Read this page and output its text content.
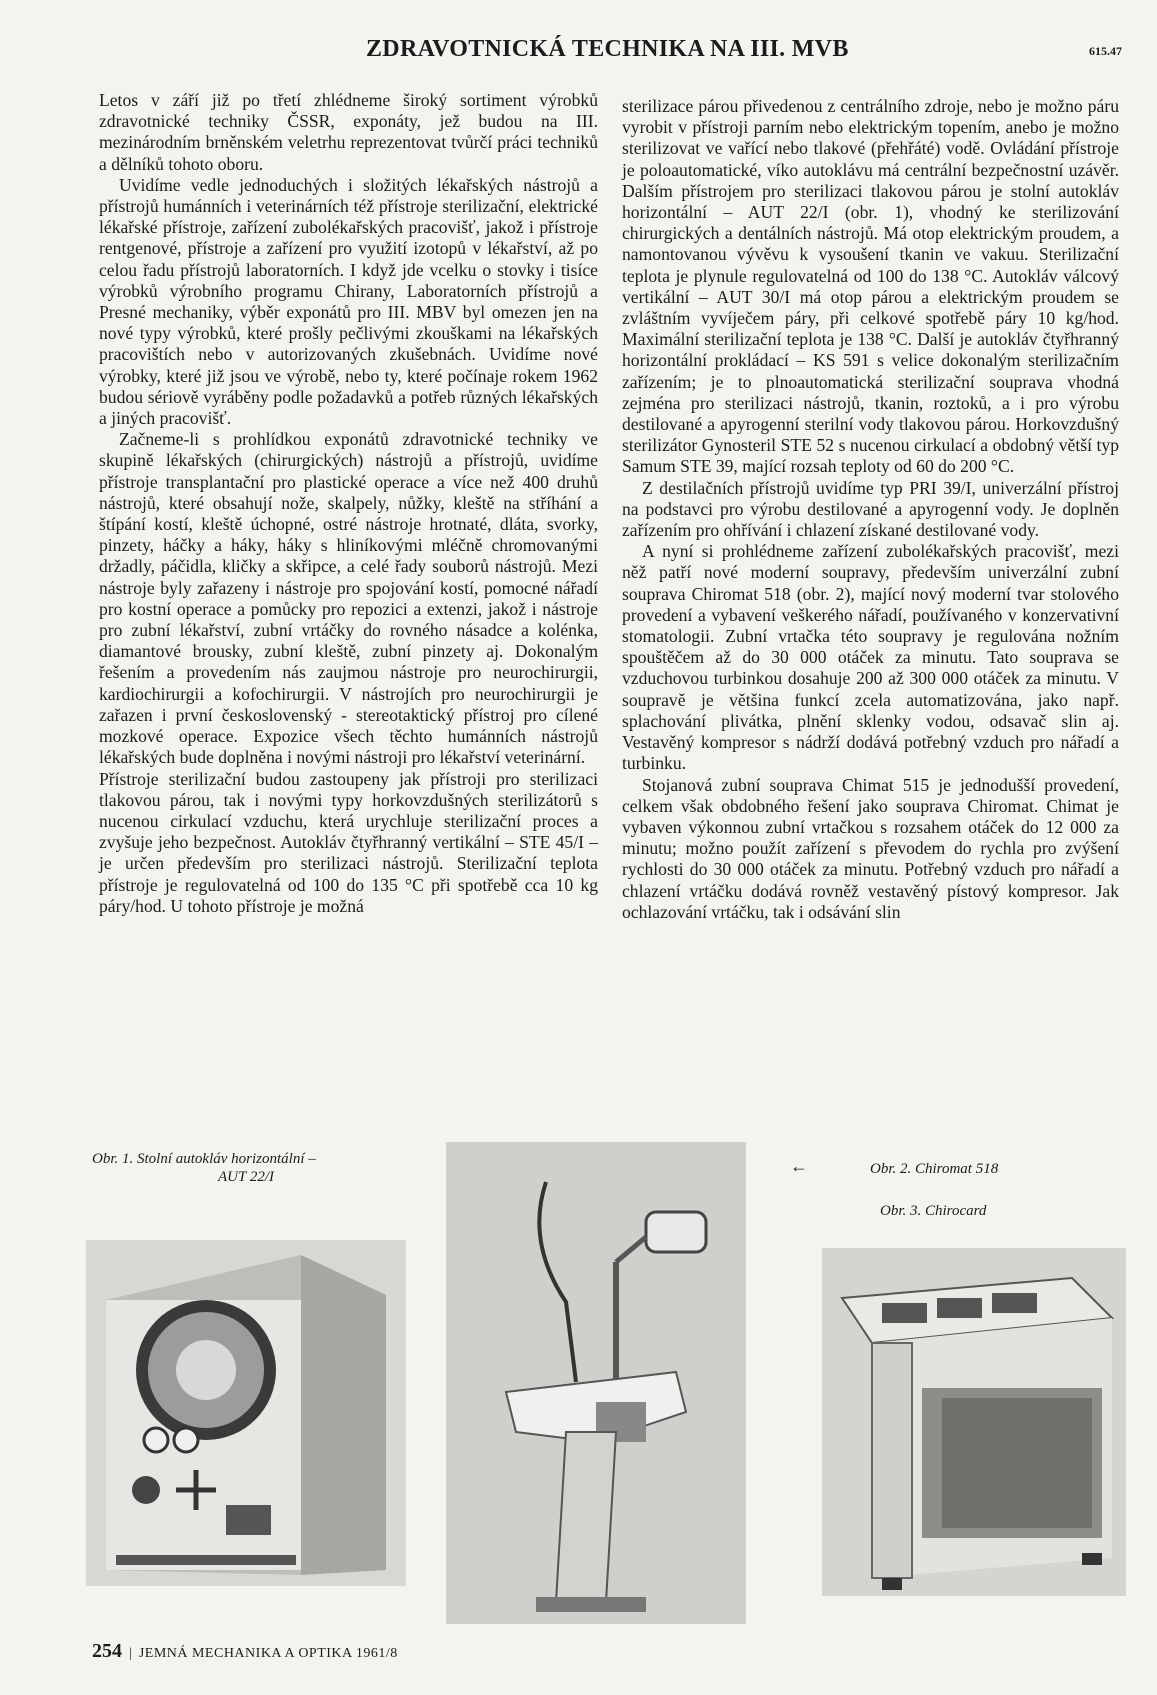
ZDRAVOTNICKÁ TECHNIKA NA III. MVB	615.47

Letos v září již po třetí zhlédneme široký sortiment výrobků zdravotnické techniky ČSSR, exponáty, jež budou na III. mezinárodním brněnském veletrhu reprezentovat tvůrčí práci techniků a dělníků tohoto oboru.

Uvidíme vedle jednoduchých i složitých lékařských nástrojů a přístrojů humánních i veterinárních též přístroje sterilizační, elektrické lékařské přístroje, zařízení zubolékařských pracovišť, jakož i přístroje rentgenové, přístroje a zařízení pro využití izotopů v lékařství, až po celou řadu přístrojů laboratorních. I když jde vcelku o stovky i tisíce výrobků výrobního programu Chirany, Laboratorních přístrojů a Presné mechaniky, výběr exponátů pro III. MBV byl omezen jen na nové typy výrobků, které prošly pečlivými zkouškami na lékařských pracovištích nebo v autorizovaných zkušebnách. Uvidíme nové výrobky, které již jsou ve výrobě, nebo ty, které počínaje rokem 1962 budou sériově vyráběny podle požadavků a potřeb různých lékařských a jiných pracovišť.

Začneme-li s prohlídkou exponátů zdravotnické techniky ve skupině lékařských (chirurgických) nástrojů a přístrojů, uvidíme přístroje transplantační pro plastické operace a více než 400 druhů nástrojů, které obsahují nože, skalpely, nůžky, kleště na stříhání a štípání kostí, kleště úchopné, ostré nástroje hrotnaté, dláta, svorky, pinzety, háčky a háky, háky s hliníkovými mléčně chromovanými držadly, páčidla, kličky a skřipce, a celé řady souborů nástrojů. Mezi nástroje byly zařazeny i nástroje pro spojování kostí, pomocné nářadí pro kostní operace a pomůcky pro repozici a extenzi, jakož i nástroje pro zubní lékařství, zubní vrtáčky do rovného násadce a kolénka, diamantové brousky, zubní kleště, zubní pinzety aj. Dokonalým řešením a provedením nás zaujmou nástroje pro neurochirurgii, kardiochirurgii a kofochirurgii. V nástrojích pro neurochirurgii je zařazen i první československý - stereotaktický přístroj pro cílené mozkové operace. Expozice všech těchto humánních nástrojů lékařských bude doplněna i novými nástroji pro lékařství veterinární.

Přístroje sterilizační budou zastoupeny jak přístroji pro sterilizaci tlakovou párou, tak i novými typy horkovzdušných sterilizátorů s nucenou cirkulací vzduchu, která urychluje sterilizační proces a zvyšuje jeho bezpečnost. Autokláv čtyřhranný vertikální – STE 45/I – je určen především pro sterilizaci nástrojů. Sterilizační teplota přístroje je regulovatelná od 100 do 135 °C při spotřebě cca 10 kg páry/hod. U tohoto přístroje je možná

sterilizace párou přivedenou z centrálního zdroje, nebo je možno páru vyrobit v přístroji parním nebo elektrickým topením, anebo je možno sterilizovat ve vařící nebo tlakové (přehřáté) vodě. Ovládání přístroje je poloautomatické, víko autoklávu má centrální bezpečnostní uzávěr. Dalším přístrojem pro sterilizaci tlakovou párou je stolní autokláv horizontální – AUT 22/I (obr. 1), vhodný ke sterilizování chirurgických a dentálních nástrojů. Má otop elektrickým proudem, a namontovanou vývěvu k vysoušení tkanin ve vakuu. Sterilizační teplota je plynule regulovatelná od 100 do 138 °C. Autokláv válcový vertikální – AUT 30/I má otop párou a elektrickým proudem se zvláštním vyvíječem páry, při celkové spotřebě páry 10 kg/hod. Maximální sterilizační teplota je 138 °C. Další je autokláv čtyřhranný horizontální prokládací – KS 591 s velice dokonalým sterilizačním zařízením; je to plnoautomatická sterilizační souprava vhodná zejména pro sterilizaci nástrojů, tkanin, roztoků, a i pro výrobu destilované a apyrogenní sterilní vody tlakovou párou. Horkovzdušný sterilizátor Gynosteril STE 52 s nucenou cirkulací a obdobný větší typ Samum STE 39, mající rozsah teploty od 60 do 200 °C.

Z destilačních přístrojů uvidíme typ PRI 39/I, univerzální přístroj na podstavci pro výrobu destilované a apyrogenní vody. Je doplněn zařízením pro ohřívání i chlazení získané destilované vody.

A nyní si prohlédneme zařízení zubolékařských pracovišť, mezi něž patří nové moderní soupravy, především univerzální zubní souprava Chiromat 518 (obr. 2), mající nový moderní tvar stolového provedení a vybavení veškerého nářadí, používaného v konzervativní stomatologii. Zubní vrtačka této soupravy je regulována nožním spouštěčem až do 30 000 otáček za minutu. Tato souprava se vzduchovou turbinkou dosahuje 200 až 300 000 otáček za minutu. V soupravě je většina funkcí zcela automatizována, jako např. splachování plivátka, plnění sklenky vodou, odsavač slin aj. Vestavěný kompresor s nádrží dodává potřebný vzduch pro nářadí a turbinku.

Stojanová zubní souprava Chimat 515 je jednodušší provedení, celkem však obdobného řešení jako souprava Chiromat. Chimat je vybaven výkonnou zubní vrtačkou s rozsahem otáček do 12 000 za minutu; možno použít zařízení s převodem do rychla pro zvýšení rychlosti do 30 000 otáček za minutu. Potřebný vzduch pro nářadí a chlazení vrtáčku dodává rovněž vestavěný pístový kompresor. Jak ochlazování vrtáčku, tak i odsávání slin

Obr. 1. Stolní autokláv horizontální –
AUT 22/I
←	Obr. 2. Chiromat 518
Obr. 3. Chirocard
254 | JEMNÁ MECHANIKA A OPTIKA 1961/8
